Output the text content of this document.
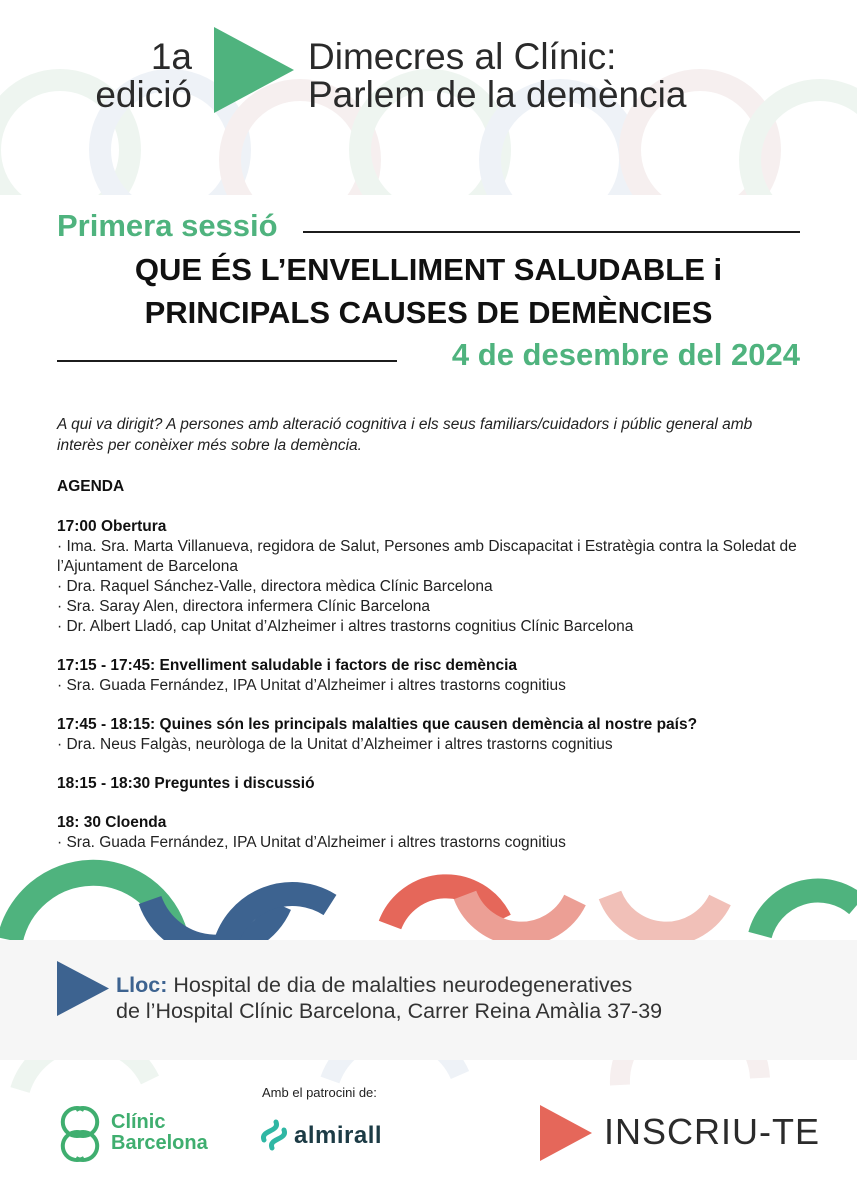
1a
edició
Dimecres al Clínic:
Parlem de la demència
Primera sessió
QUE ÉS L’ENVELLIMENT SALUDABLE i
PRINCIPALS CAUSES DE DEMÈNCIES
4 de desembre del 2024
A qui va dirigit? A persones amb alteració cognitiva i els seus familiars/cuidadors i públic general amb interès per conèixer més sobre la demència.
AGENDA
17:00 Obertura
· Ima. Sra. Marta Villanueva, regidora de Salut, Persones amb Discapacitat i Estratègia contra la Soledat de l’Ajuntament de Barcelona
· Dra. Raquel Sánchez-Valle, directora mèdica Clínic Barcelona
· Sra. Saray Alen, directora infermera Clínic Barcelona
· Dr. Albert Lladó, cap Unitat d’Alzheimer i altres trastorns cognitius Clínic Barcelona
17:15 - 17:45: Envelliment saludable i factors de risc demència
· Sra. Guada Fernández, IPA Unitat d’Alzheimer i altres trastorns cognitius
17:45 - 18:15: Quines són les principals malalties que causen demència al nostre país?
· Dra. Neus Falgàs, neuròloga de la Unitat d’Alzheimer i altres trastorns cognitius
18:15 - 18:30 Preguntes i discussió
18: 30 Cloenda
· Sra. Guada Fernández, IPA Unitat d’Alzheimer i altres trastorns cognitius
Lloc: Hospital de dia de malalties neurodegeneratives
de l’Hospital Clínic Barcelona, Carrer Reina Amàlia 37-39
Amb el patrocini de:
Clínic
Barcelona	almirall	INSCRIU-TE
